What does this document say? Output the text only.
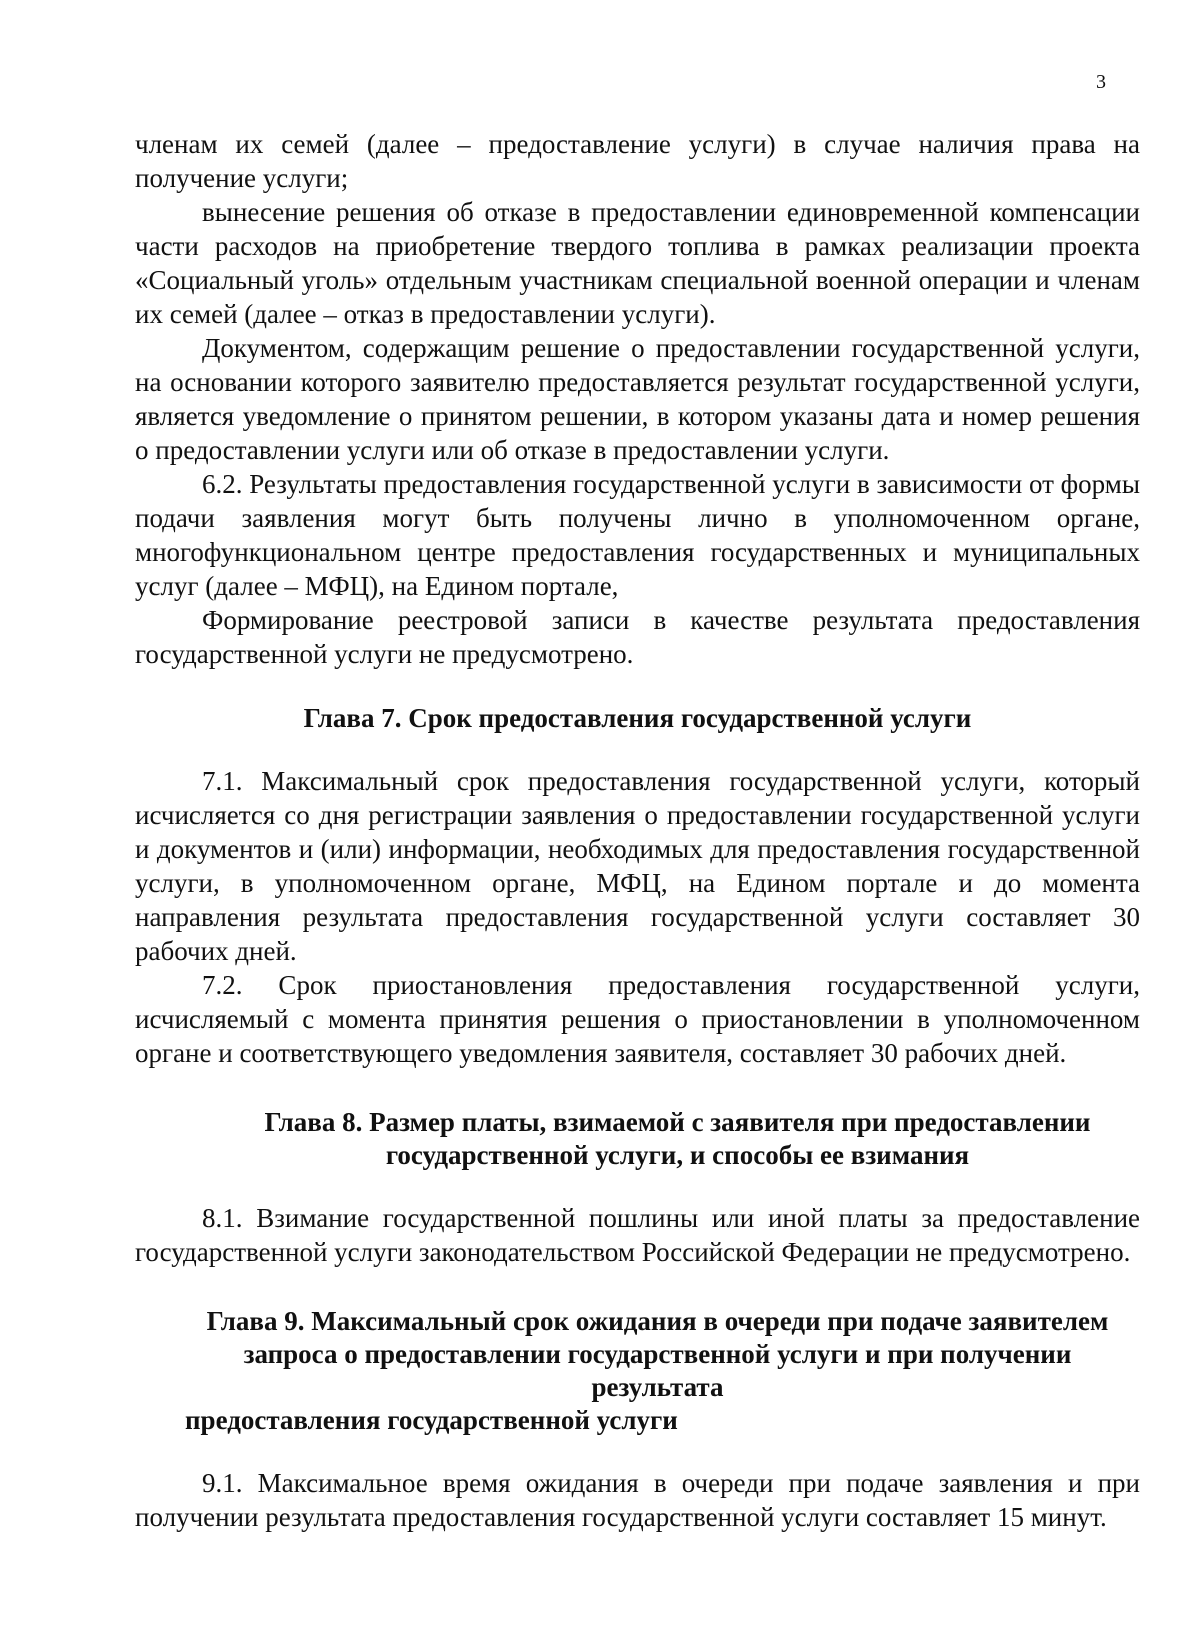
3

членам их семей (далее – предоставление услуги) в случае наличия права на получение услуги;

вынесение решения об отказе в предоставлении единовременной компенсации части расходов на приобретение твердого топлива в рамках реализации проекта «Социальный уголь» отдельным участникам специальной военной операции и членам их семей (далее – отказ в предоставлении услуги).

Документом, содержащим решение о предоставлении государственной услуги, на основании которого заявителю предоставляется результат государственной услуги, является уведомление о принятом решении, в котором указаны дата и номер решения о предоставлении услуги или об отказе в предоставлении услуги.

6.2. Результаты предоставления государственной услуги в зависимости от формы подачи заявления могут быть получены лично в уполномоченном органе, многофункциональном центре предоставления государственных и муниципальных услуг (далее – МФЦ), на Едином портале,

Формирование реестровой записи в качестве результата предоставления государственной услуги не предусмотрено.

Глава 7. Срок предоставления государственной услуги

7.1. Максимальный срок предоставления государственной услуги, который исчисляется со дня регистрации заявления о предоставлении государственной услуги и документов и (или) информации, необходимых для предоставления государственной услуги, в уполномоченном органе, МФЦ, на Едином портале и до момента направления результата предоставления государственной услуги составляет 30 рабочих дней.

7.2. Срок приостановления предоставления государственной услуги, исчисляемый с момента принятия решения о приостановлении в уполномоченном органе и соответствующего уведомления заявителя, составляет 30 рабочих дней.

Глава 8. Размер платы, взимаемой с заявителя при предоставлении
государственной услуги, и способы ее взимания

8.1. Взимание государственной пошлины или иной платы за предоставление государственной услуги законодательством Российской Федерации не предусмотрено.

Глава 9. Максимальный срок ожидания в очереди при подаче заявителем
запроса о предоставлении государственной услуги и при получении результата
предоставления государственной услуги

9.1. Максимальное время ожидания в очереди при подаче заявления и при получении результата предоставления государственной услуги составляет 15 минут.
